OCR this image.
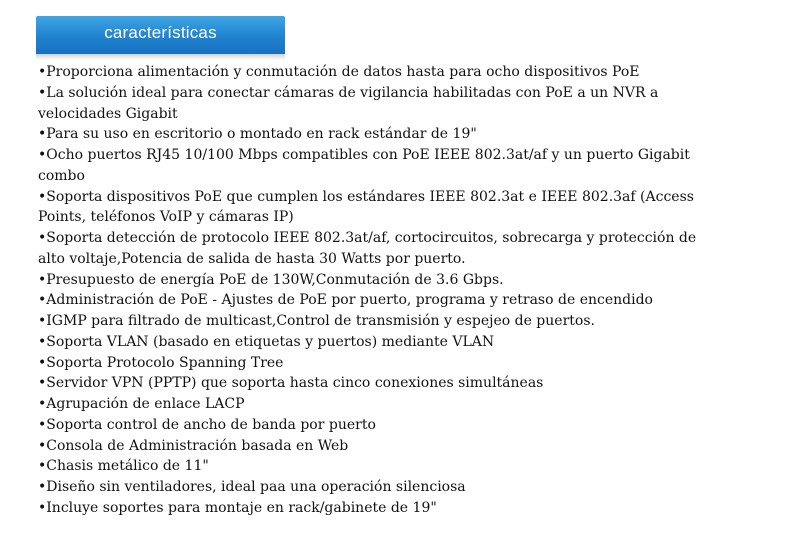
características
• Proporciona alimentación y conmutación de datos hasta para ocho dispositivos PoE
• La solución ideal para conectar cámaras de vigilancia habilitadas con PoE a un NVR a velocidades Gigabit
• Para su uso en escritorio o montado en rack estándar de 19"
• Ocho puertos RJ45 10/100 Mbps compatibles con PoE IEEE 802.3at/af y un puerto Gigabit combo
• Soporta dispositivos PoE que cumplen los estándares IEEE 802.3at e IEEE 802.3af (Access Points, teléfonos VoIP y cámaras IP)
• Soporta detección de protocolo IEEE 802.3at/af, cortocircuitos, sobrecarga y protección de alto voltaje,Potencia de salida de hasta 30 Watts por puerto.
• Presupuesto de energía PoE de 130W,Conmutación de 3.6 Gbps.
• Administración de PoE - Ajustes de PoE por puerto, programa y retraso de encendido
• IGMP para filtrado de multicast,Control de transmisión y espejeo de puertos.
• Soporta VLAN (basado en etiquetas y puertos) mediante VLAN
• Soporta Protocolo Spanning Tree
• Servidor VPN (PPTP) que soporta hasta cinco conexiones simultáneas
• Agrupación de enlace LACP
• Soporta control de ancho de banda por puerto
• Consola de Administración basada en Web
• Chasis metálico de 11"
• Diseño sin ventiladores, ideal paa una operación silenciosa
• Incluye soportes para montaje en rack/gabinete de 19"
